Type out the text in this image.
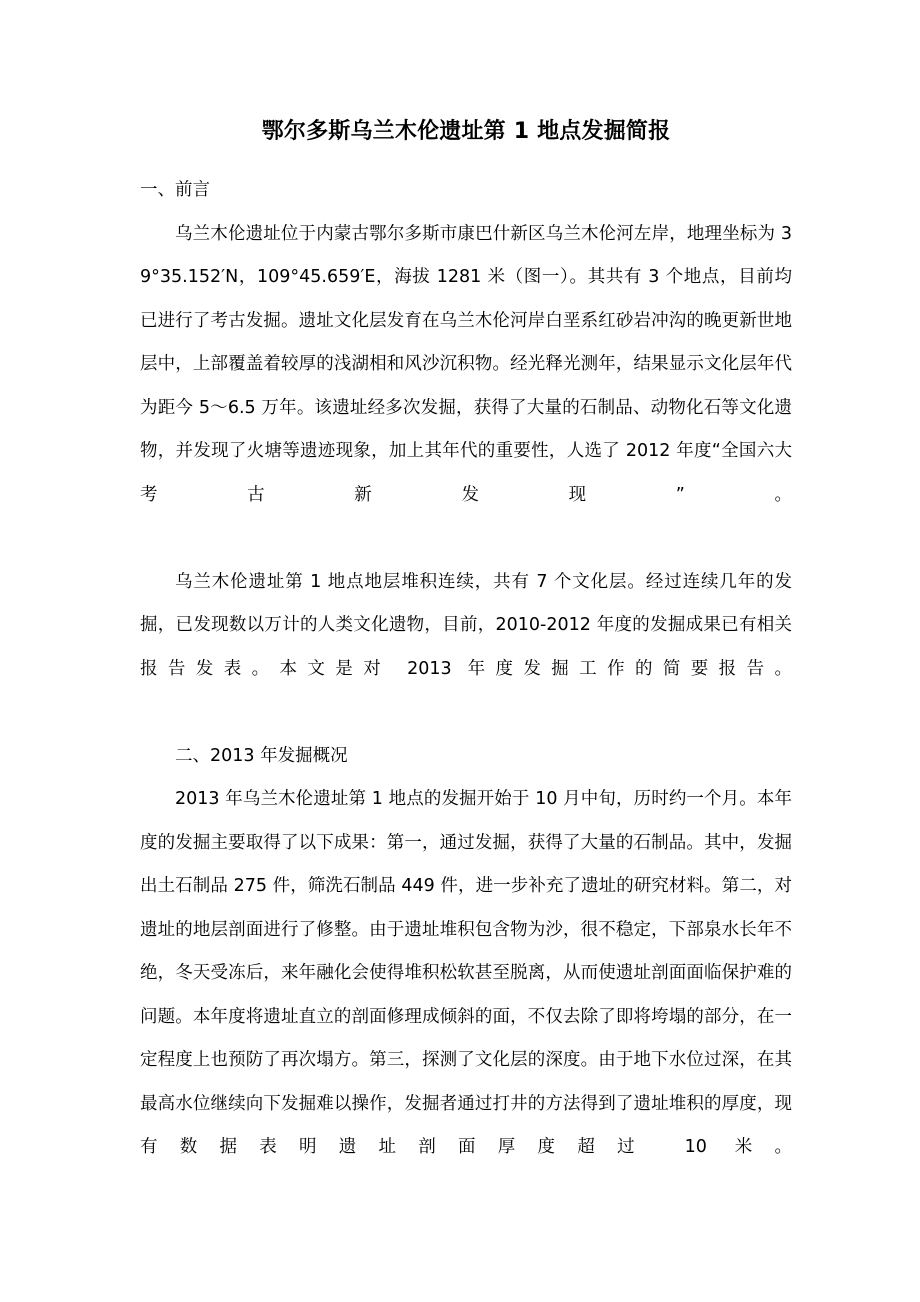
鄂尔多斯乌兰木伦遗址第 1 地点发掘简报
一、前言

乌兰木伦遗址位于内蒙古鄂尔多斯市康巴什新区乌兰木伦河左岸，地理坐标为 39°35.152′N，109°45.659′E，海拔 1281 米（图一）。其共有 3 个地点，目前均已进行了考古发掘。遗址文化层发育在乌兰木伦河岸白垩系红砂岩冲沟的晚更新世地层中，上部覆盖着较厚的浅湖相和风沙沉积物。经光释光测年，结果显示文化层年代为距今 5～6.5 万年。该遗址经多次发掘，获得了大量的石制品、动物化石等文化遗物，并发现了火塘等遗迹现象，加上其年代的重要性，人选了 2012 年度“全国六大考古新发现”。

乌兰木伦遗址第 1 地点地层堆积连续，共有 7 个文化层。经过连续几年的发掘，已发现数以万计的人类文化遗物，目前，2010-2012 年度的发掘成果已有相关报告发表。本文是对 2013 年度发掘工作的简要报告。

二、2013 年发掘概况

2013 年乌兰木伦遗址第 1 地点的发掘开始于 10 月中旬，历时约一个月。本年度的发掘主要取得了以下成果：第一，通过发掘，获得了大量的石制品。其中，发掘出土石制品 275 件，筛洗石制品 449 件，进一步补充了遗址的研究材料。第二，对遗址的地层剖面进行了修整。由于遗址堆积包含物为沙，很不稳定，下部泉水长年不绝，冬天受冻后，来年融化会使得堆积松软甚至脱离，从而使遗址剖面面临保护难的问题。本年度将遗址直立的剖面修理成倾斜的面，不仅去除了即将垮塌的部分，在一定程度上也预防了再次塌方。第三，探测了文化层的深度。由于地下水位过深，在其最高水位继续向下发掘难以操作，发掘者通过打井的方法得到了遗址堆积的厚度，现有数据表明遗址剖面厚度超过 10 米。
